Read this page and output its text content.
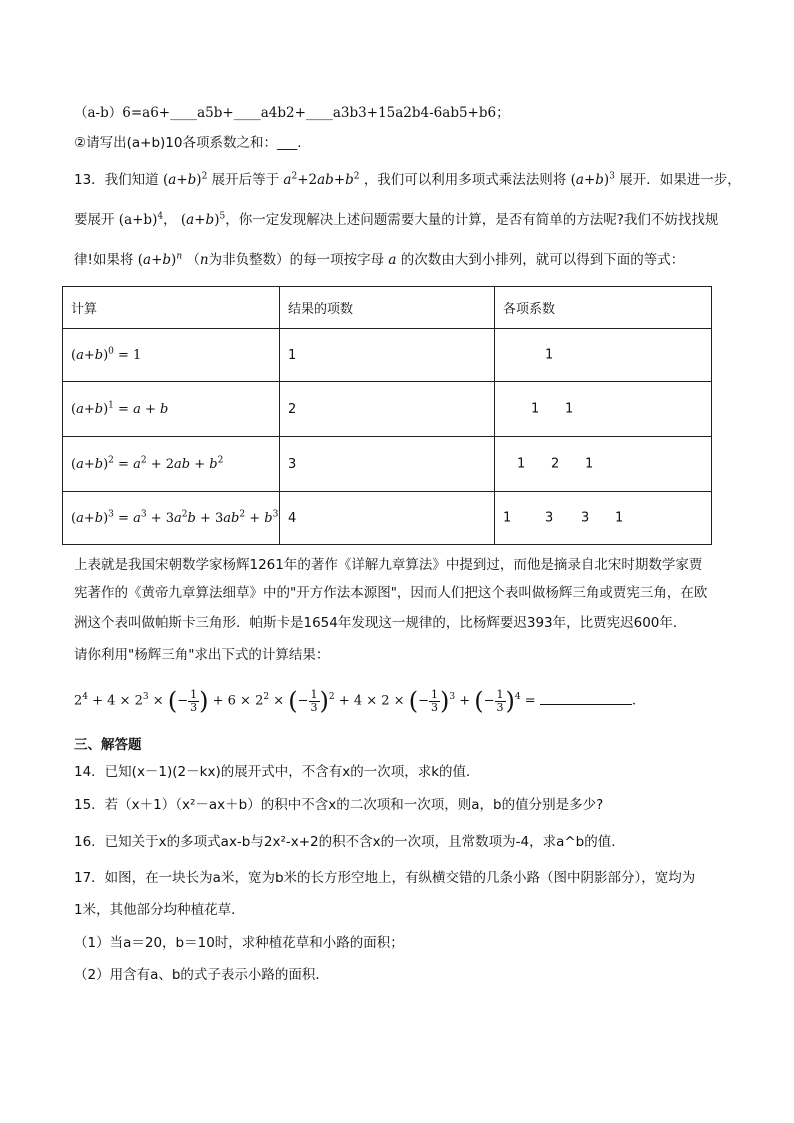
（a-b）6=a6+____a5b+____a4b2+____a3b3+15a2b4-6ab5+b6；
②请写出(a+b)10各项系数之和：___.
13．我们知道 $(a+b)^2$ 展开后等于 $a^2+2ab+b^2$ ，我们可以利用多项式乘法法则将 $(a+b)^3$ 展开．如果进一步，
要展开 $(a+b)^4$， $(a+b)^5$，你一定发现解决上述问题需要大量的计算，是否有简单的方法呢?我们不妨找找规
律!如果将 $(a+b)^n$ （n为非负整数）的每一项按字母 a 的次数由大到小排列，就可以得到下面的等式：
计算	结果的项数	各项系数
$(a+b)^0 = 1$	1	1

$(a+b)^1 = a + b$	2	1 1

$(a+b)^2 = a^2 + 2ab + b^2$	3	1 2 1

$(a+b)^3 = a^3 + 3a^2b + 3ab^2 + b^3$	4	1 3 3 1
上表就是我国宋朝数学家杨辉1261年的著作《详解九章算法》中提到过，而他是摘录自北宋时期数学家贾
宪著作的《黄帝九章算法细草》中的"开方作法本源图"，因而人们把这个表叫做杨辉三角或贾宪三角，在欧
洲这个表叫做帕斯卡三角形．帕斯卡是1654年发现这一规律的，比杨辉要迟393年，比贾宪迟600年．
请你利用"杨辉三角"求出下式的计算结果：
$2^4 + 4 \times 2^3$ × (− $\frac{1}{3}$ ) + $6 \times 2^2$ × (− $\frac{1}{3} )^2 + 4 \times 2$ × (− $\frac{1}{3} )^3$ + (− $\frac{1}{3} )^4$ =	.
三、解答题
14．已知(x－1)(2－kx)的展开式中，不含有x的一次项，求k的值．
15．若（x＋1）（x²－ax＋b）的积中不含x的二次项和一次项，则a，b的值分别是多少?
16．已知关于x的多项式ax-b与2x²-x+2的积不含x的一次项，且常数项为-4，求a^b的值．
17．如图，在一块长为a米，宽为b米的长方形空地上，有纵横交错的几条小路（图中阴影部分），宽均为
1米，其他部分均种植花草．
（1）当a＝20，b＝10时，求种植花草和小路的面积；
（2）用含有a、b的式子表示小路的面积．
